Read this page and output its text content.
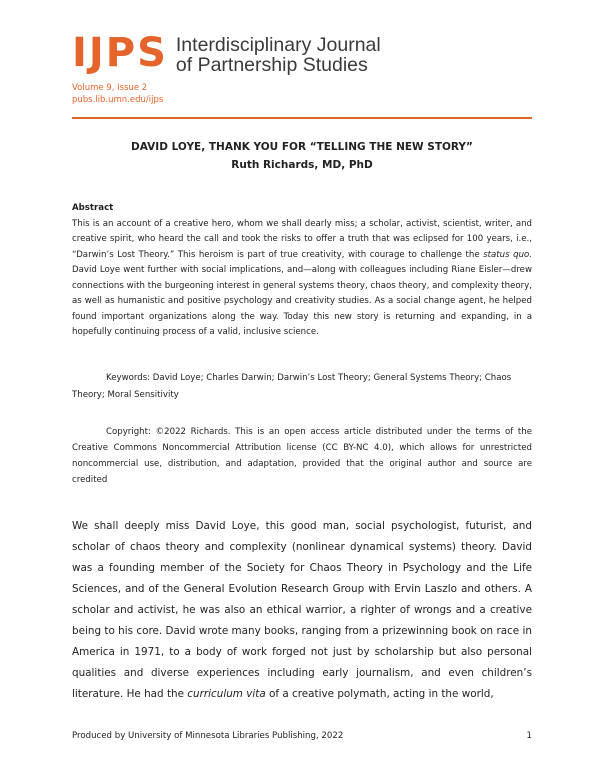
IJPS Interdisciplinary Journal
of Partnership Studies
Volume 9, Issue 2
pubs.lib.umn.edu/ijps
DAVID LOYE, THANK YOU FOR “TELLING THE NEW STORY”
Ruth Richards, MD, PhD
Abstract
This is an account of a creative hero, whom we shall dearly miss; a scholar, activist, scientist, writer, and creative spirit, who heard the call and took the risks to offer a truth that was eclipsed for 100 years, i.e., “Darwin’s Lost Theory.” This heroism is part of true creativity, with courage to challenge the status quo. David Loye went further with social implications, and—along with colleagues including Riane Eisler—drew connections with the burgeoning interest in general systems theory, chaos theory, and complexity theory, as well as humanistic and positive psychology and creativity studies. As a social change agent, he helped found important organizations along the way. Today this new story is returning and expanding, in a hopefully continuing process of a valid, inclusive science.
Keywords: David Loye; Charles Darwin; Darwin’s Lost Theory; General Systems Theory; Chaos Theory; Moral Sensitivity
Copyright: ©2022 Richards. This is an open access article distributed under the terms of the Creative Commons Noncommercial Attribution license (CC BY-NC 4.0), which allows for unrestricted noncommercial use, distribution, and adaptation, provided that the original author and source are credited
We shall deeply miss David Loye, this good man, social psychologist, futurist, and scholar of chaos theory and complexity (nonlinear dynamical systems) theory. David was a founding member of the Society for Chaos Theory in Psychology and the Life Sciences, and of the General Evolution Research Group with Ervin Laszlo and others. A scholar and activist, he was also an ethical warrior, a righter of wrongs and a creative being to his core. David wrote many books, ranging from a prizewinning book on race in America in 1971, to a body of work forged not just by scholarship but also personal qualities and diverse experiences including early journalism, and even children’s literature. He had the curriculum vita of a creative polymath, acting in the world,
Produced by University of Minnesota Libraries Publishing, 2022	1
